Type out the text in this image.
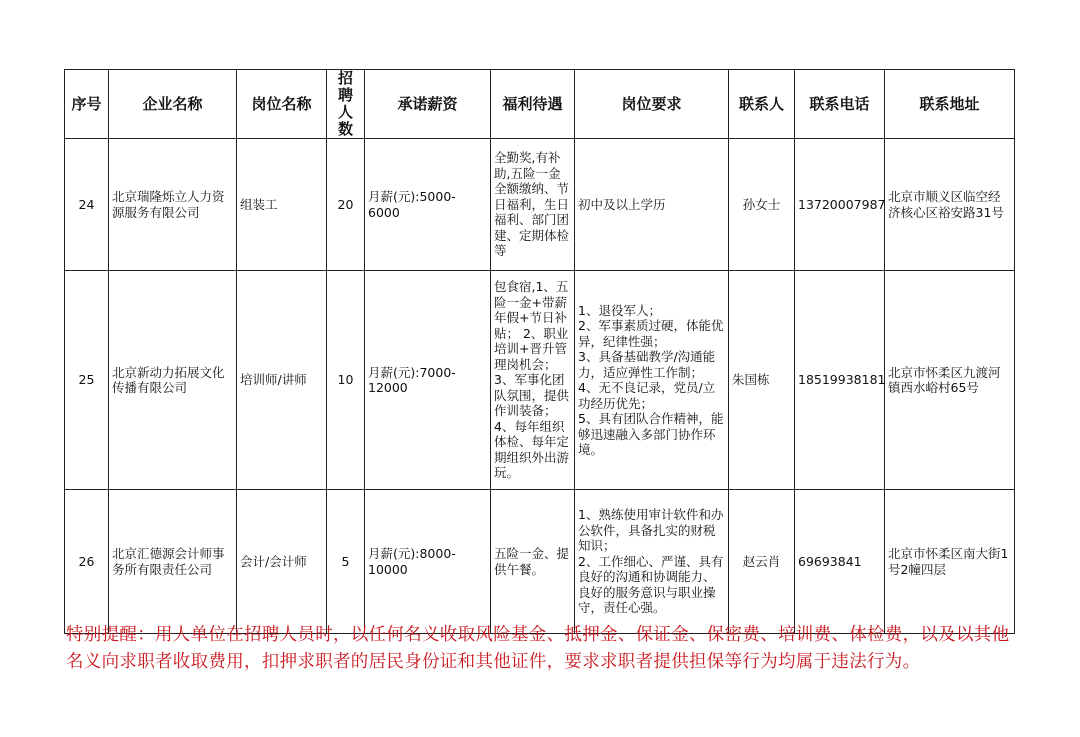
序号	企业名称	岗位名称	招聘人数	承诺薪资	福利待遇	岗位要求	联系人	联系电话	联系地址
24	北京瑞隆烁立人力资源服务有限公司	组装工	20	月薪(元):5000-6000	全勤奖,有补助,五险一金全额缴纳、节日福利，生日福利、部门团建、定期体检等	初中及以上学历	孙女士	13720007987	北京市顺义区临空经济核心区裕安路31号
25	北京新动力拓展文化传播有限公司	培训师/讲师	10	月薪(元):7000-12000	包食宿,1、五险一金+带薪年假+节日补贴； 2、职业培训+晋升管理岗机会；3、军事化团队氛围，提供作训装备；4、每年组织体检、每年定期组织外出游玩。	1、退役军人；
2、军事素质过硬，体能优异，纪律性强；
3、具备基础教学/沟通能力，适应弹性工作制；
4、无不良记录，党员/立功经历优先；
5、具有团队合作精神，能够迅速融入多部门协作环境。	朱国栋	18519938181	北京市怀柔区九渡河镇西水峪村65号
26	北京汇德源会计师事务所有限责任公司	会计/会计师	5	月薪(元):8000-10000	五险一金、提供午餐。	1、熟练使用审计软件和办公软件，具备扎实的财税知识；
2、工作细心、严谨、具有良好的沟通和协调能力、良好的服务意识与职业操守，责任心强。	赵云肖	69693841	北京市怀柔区南大街1号2幢四层
特别提醒：用人单位在招聘人员时，以任何名义收取风险基金、抵押金、保证金、保密费、培训费、体检费，以及以其他名义向求职者收取费用，扣押求职者的居民身份证和其他证件，要求求职者提供担保等行为均属于违法行为。
